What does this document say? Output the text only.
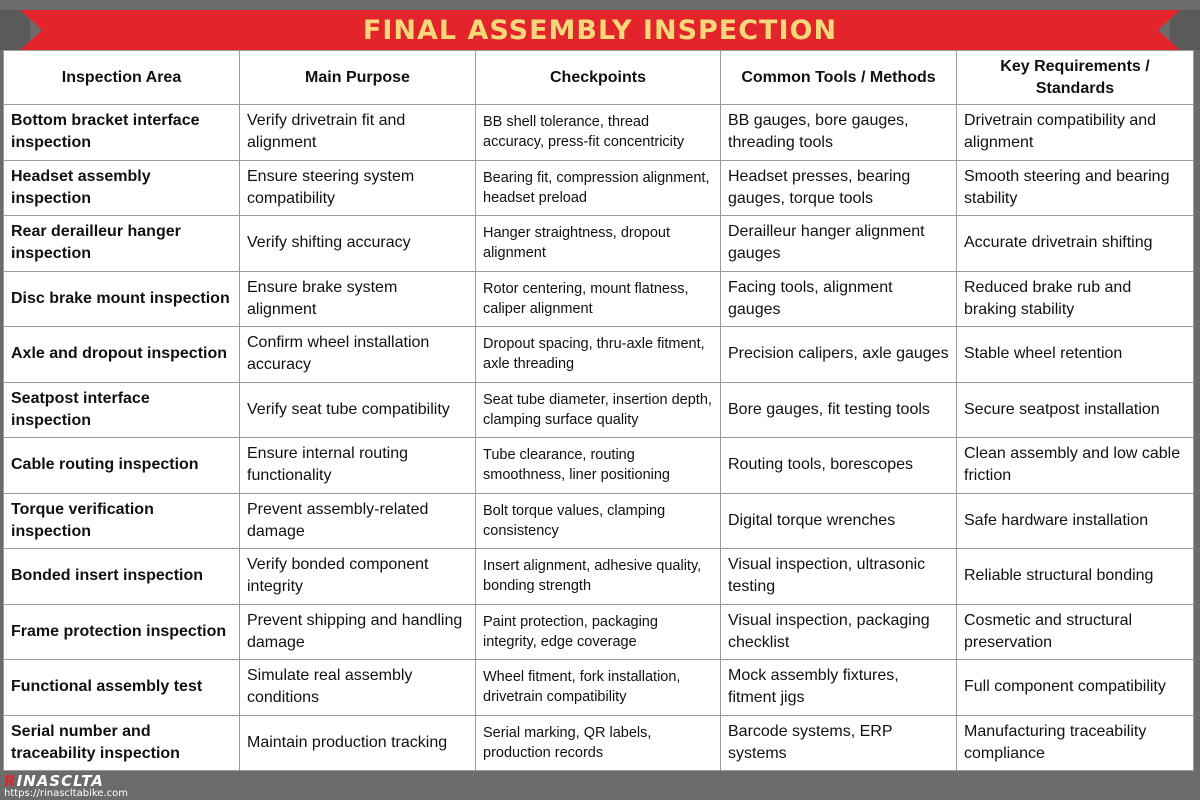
FINAL ASSEMBLY INSPECTION
Inspection Area	Main Purpose	Checkpoints	Common Tools / Methods	Key Requirements / Standards
Bottom bracket interface inspection	Verify drivetrain fit and alignment	BB shell tolerance, thread accuracy, press-fit concentricity	BB gauges, bore gauges, threading tools	Drivetrain compatibility and alignment
Headset assembly inspection	Ensure steering system compatibility	Bearing fit, compression alignment, headset preload	Headset presses, bearing gauges, torque tools	Smooth steering and bearing stability
Rear derailleur hanger inspection	Verify shifting accuracy	Hanger straightness, dropout alignment	Derailleur hanger alignment gauges	Accurate drivetrain shifting
Disc brake mount inspection	Ensure brake system alignment	Rotor centering, mount flatness, caliper alignment	Facing tools, alignment gauges	Reduced brake rub and braking stability
Axle and dropout inspection	Confirm wheel installation accuracy	Dropout spacing, thru-axle fitment, axle threading	Precision calipers, axle gauges	Stable wheel retention
Seatpost interface inspection	Verify seat tube compatibility	Seat tube diameter, insertion depth, clamping surface quality	Bore gauges, fit testing tools	Secure seatpost installation
Cable routing inspection	Ensure internal routing functionality	Tube clearance, routing smoothness, liner positioning	Routing tools, borescopes	Clean assembly and low cable friction
Torque verification inspection	Prevent assembly-related damage	Bolt torque values, clamping consistency	Digital torque wrenches	Safe hardware installation
Bonded insert inspection	Verify bonded component integrity	Insert alignment, adhesive quality, bonding strength	Visual inspection, ultrasonic testing	Reliable structural bonding
Frame protection inspection	Prevent shipping and handling damage	Paint protection, packaging integrity, edge coverage	Visual inspection, packaging checklist	Cosmetic and structural preservation
Functional assembly test	Simulate real assembly conditions	Wheel fitment, fork installation, drivetrain compatibility	Mock assembly fixtures, fitment jigs	Full component compatibility
Serial number and traceability inspection	Maintain production tracking	Serial marking, QR labels, production records	Barcode systems, ERP systems	Manufacturing traceability compliance
RINASCLTA
https://rinascltabike.com
